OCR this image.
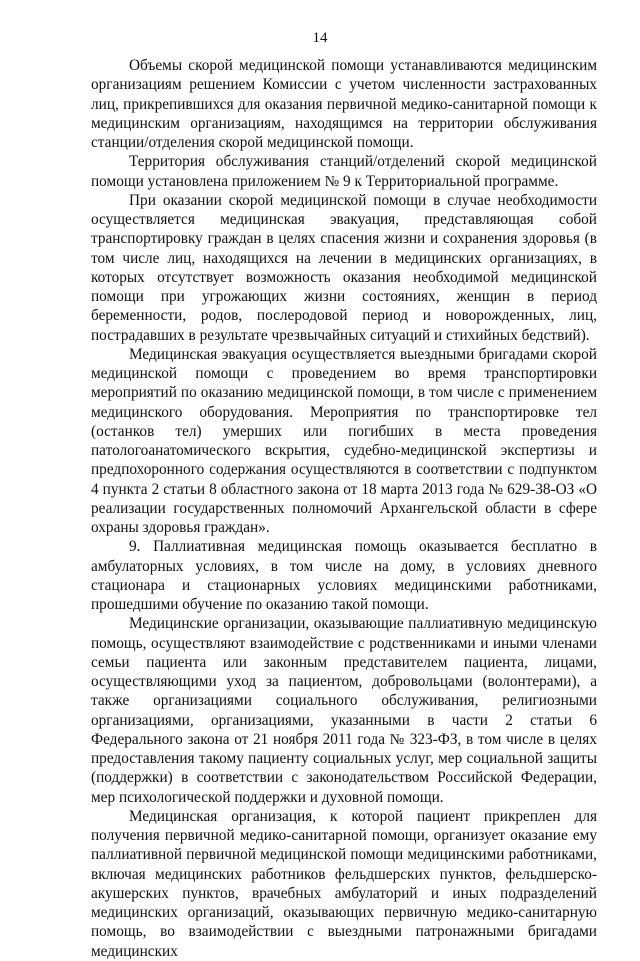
14

Объемы скорой медицинской помощи устанавливаются медицинским организациям решением Комиссии с учетом численности застрахованных лиц, прикрепившихся для оказания первичной медико-санитарной помощи к медицинским организациям, находящимся на территории обслуживания станции/отделения скорой медицинской помощи.

Территория обслуживания станций/отделений скорой медицинской помощи установлена приложением № 9 к Территориальной программе.

При оказании скорой медицинской помощи в случае необходимости осуществляется медицинская эвакуация, представляющая собой транспортировку граждан в целях спасения жизни и сохранения здоровья (в том числе лиц, находящихся на лечении в медицинских организациях, в которых отсутствует возможность оказания необходимой медицинской помощи при угрожающих жизни состояниях, женщин в период беременности, родов, послеродовой период и новорожденных, лиц, пострадавших в результате чрезвычайных ситуаций и стихийных бедствий).

Медицинская эвакуация осуществляется выездными бригадами скорой медицинской помощи с проведением во время транспортировки мероприятий по оказанию медицинской помощи, в том числе с применением медицинского оборудования. Мероприятия по транспортировке тел (останков тел) умерших или погибших в места проведения патологоанатомического вскрытия, судебно-медицинской экспертизы и предпохоронного содержания осуществляются в соответствии с подпунктом 4 пункта 2 статьи 8 областного закона от 18 марта 2013 года № 629-38-ОЗ «О реализации государственных полномочий Архангельской области в сфере охраны здоровья граждан».

9. Паллиативная медицинская помощь оказывается бесплатно в амбулаторных условиях, в том числе на дому, в условиях дневного стационара и стационарных условиях медицинскими работниками, прошедшими обучение по оказанию такой помощи.

Медицинские организации, оказывающие паллиативную медицинскую помощь, осуществляют взаимодействие с родственниками и иными членами семьи пациента или законным представителем пациента, лицами, осуществляющими уход за пациентом, добровольцами (волонтерами), а также организациями социального обслуживания, религиозными организациями, организациями, указанными в части 2 статьи 6 Федерального закона от 21 ноября 2011 года № 323-ФЗ, в том числе в целях предоставления такому пациенту социальных услуг, мер социальной защиты (поддержки) в соответствии с законодательством Российской Федерации, мер психологической поддержки и духовной помощи.

Медицинская организация, к которой пациент прикреплен для получения первичной медико-санитарной помощи, организует оказание ему паллиативной первичной медицинской помощи медицинскими работниками, включая медицинских работников фельдшерских пунктов, фельдшерско-акушерских пунктов, врачебных амбулаторий и иных подразделений медицинских организаций, оказывающих первичную медико-санитарную помощь, во взаимодействии с выездными патронажными бригадами медицинских
